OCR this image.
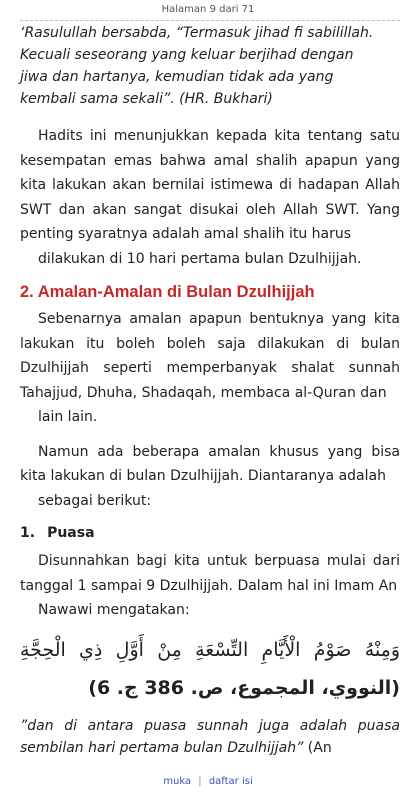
Halaman 9 dari 71

‘Rasulullah bersabda, “Termasuk jihad fi sabilillah.

Kecuali seseorang yang keluar berjihad dengan

jiwa dan hartanya, kemudian tidak ada yang

kembali sama sekali”. (HR. Bukhari)

Hadits ini menunjukkan kepada kita tentang satu kesempatan emas bahwa amal shalih apapun yang kita lakukan akan bernilai istimewa di hadapan Allah SWT dan akan sangat disukai oleh Allah SWT. Yang penting syaratnya adalah amal shalih itu harus
dilakukan di 10 hari pertama bulan Dzulhijjah.

2. Amalan-Amalan di Bulan Dzulhijjah

Sebenarnya amalan apapun bentuknya yang kita lakukan itu boleh boleh saja dilakukan di bulan Dzulhijjah seperti memperbanyak shalat sunnah Tahajjud, Dhuha, Shadaqah, membaca al-Quran dan
lain lain.

Namun ada beberapa amalan khusus yang bisa kita lakukan di bulan Dzulhijjah. Diantaranya adalah
sebagai berikut:

1. Puasa

Disunnahkan bagi kita untuk berpuasa mulai dari tanggal 1 sampai 9 Dzulhijjah. Dalam hal ini Imam An
Nawawi mengatakan:

وَمِنْهُ صَوْمُ الْأَيَّامِ التِّسْعَةِ مِنْ أَوَّلِ ذِي الْحِجَّةِ (النووي، المجموع، ص. 386 ج. 6)

”dan di antara puasa sunnah juga adalah puasa sembilan hari pertama bulan Dzulhijjah” (An

muka | daftar isi
